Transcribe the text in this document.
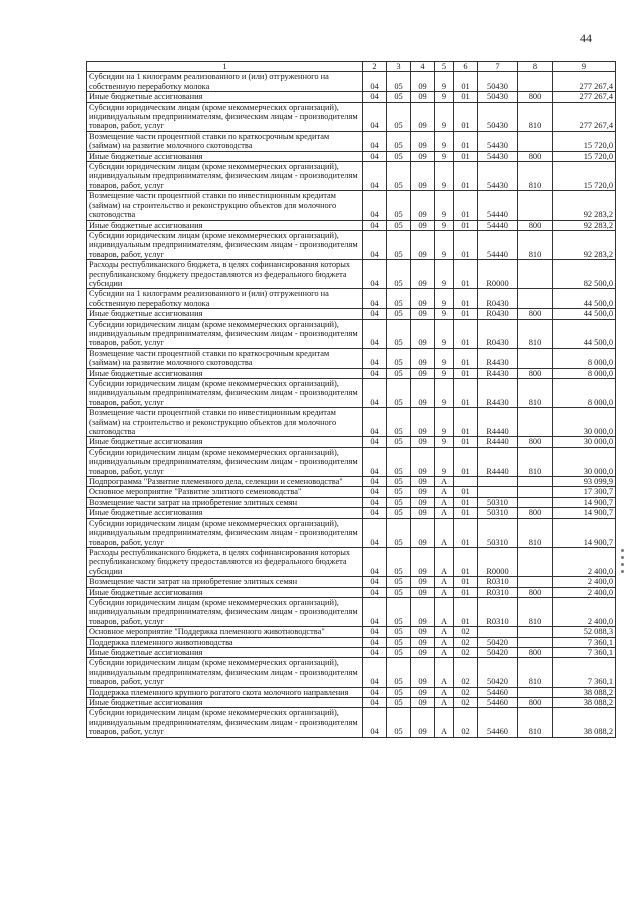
44
1	2	3	4	5	6	7	8	9
Субсидии на 1 килограмм реализованного и (или) отгруженного на собственную переработку молока	04	05	09	9	01	50430		277 267,4
Иные бюджетные ассигнования	04	05	09	9	01	50430	800	277 267,4
Субсидии юридическим лицам (кроме некоммерческих организаций), индивидуальным предпринимателям, физическим лицам - производителям товаров, работ, услуг	04	05	09	9	01	50430	810	277 267,4
Возмещение части процентной ставки по краткосрочным кредитам (займам) на развитие молочного скотоводства	04	05	09	9	01	54430		15 720,0
Иные бюджетные ассигнования	04	05	09	9	01	54430	800	15 720,0
Субсидии юридическим лицам (кроме некоммерческих организаций), индивидуальным предпринимателям, физическим лицам - производителям товаров, работ, услуг	04	05	09	9	01	54430	810	15 720,0
Возмещение части процентной ставки по инвестиционным кредитам (займам) на строительство и реконструкцию объектов для молочного скотоводства	04	05	09	9	01	54440		92 283,2
Иные бюджетные ассигнования	04	05	09	9	01	54440	800	92 283,2
Субсидии юридическим лицам (кроме некоммерческих организаций), индивидуальным предпринимателям, физическим лицам - производителям товаров, работ, услуг	04	05	09	9	01	54440	810	92 283,2
Расходы республиканского бюджета, в целях софинансирования которых республиканскому бюджету предоставляются из федерального бюджета субсидии	04	05	09	9	01	R0000		82 500,0
Субсидии на 1 килограмм реализованного и (или) отгруженного на собственную переработку молока	04	05	09	9	01	R0430		44 500,0
Иные бюджетные ассигнования	04	05	09	9	01	R0430	800	44 500,0
Субсидии юридическим лицам (кроме некоммерческих организаций), индивидуальным предпринимателям, физическим лицам - производителям товаров, работ, услуг	04	05	09	9	01	R0430	810	44 500,0
Возмещение части процентной ставки по краткосрочным кредитам (займам) на развитие молочного скотоводства	04	05	09	9	01	R4430		8 000,0
Иные бюджетные ассигнования	04	05	09	9	01	R4430	800	8 000,0
Субсидии юридическим лицам (кроме некоммерческих организаций), индивидуальным предпринимателям, физическим лицам - производителям товаров, работ, услуг	04	05	09	9	01	R4430	810	8 000,0
Возмещение части процентной ставки по инвестиционным кредитам (займам) на строительство и реконструкцию объектов для молочного скотоводства	04	05	09	9	01	R4440		30 000,0
Иные бюджетные ассигнования	04	05	09	9	01	R4440	800	30 000,0
Субсидии юридическим лицам (кроме некоммерческих организаций), индивидуальным предпринимателям, физическим лицам - производителям товаров, работ, услуг	04	05	09	9	01	R4440	810	30 000,0
Подпрограмма "Развитие племенного дела, селекции и семеноводства"	04	05	09	А				93 099,9
Основное мероприятие "Развитие элитного семеноводства"	04	05	09	А	01			17 300,7
Возмещение части затрат на приобретение элитных семян	04	05	09	А	01	50310		14 900,7
Иные бюджетные ассигнования	04	05	09	А	01	50310	800	14 900,7
Субсидии юридическим лицам (кроме некоммерческих организаций), индивидуальным предпринимателям, физическим лицам - производителям товаров, работ, услуг	04	05	09	А	01	50310	810	14 900,7
Расходы республиканского бюджета, в целях софинансирования которых республиканскому бюджету предоставляются из федерального бюджета субсидии	04	05	09	А	01	R0000		2 400,0
Возмещение части затрат на приобретение элитных семян	04	05	09	А	01	R0310		2 400,0
Иные бюджетные ассигнования	04	05	09	А	01	R0310	800	2 400,0
Субсидии юридическим лицам (кроме некоммерческих организаций), индивидуальным предпринимателям, физическим лицам - производителям товаров, работ, услуг	04	05	09	А	01	R0310	810	2 400,0
Основное мероприятие "Поддержка племенного животноводства"	04	05	09	А	02			52 088,3
Поддержка племенного животноводства	04	05	09	А	02	50420		7 360,1
Иные бюджетные ассигнования	04	05	09	А	02	50420	800	7 360,1
Субсидии юридическим лицам (кроме некоммерческих организаций), индивидуальным предпринимателям, физическим лицам - производителям товаров, работ, услуг	04	05	09	А	02	50420	810	7 360,1
Поддержка племенного крупного рогатого скота молочного направления	04	05	09	А	02	54460		38 088,2
Иные бюджетные ассигнования	04	05	09	А	02	54460	800	38 088,2
Субсидии юридическим лицам (кроме некоммерческих организаций), индивидуальным предпринимателям, физическим лицам - производителям товаров, работ, услуг	04	05	09	А	02	54460	810	38 088,2
